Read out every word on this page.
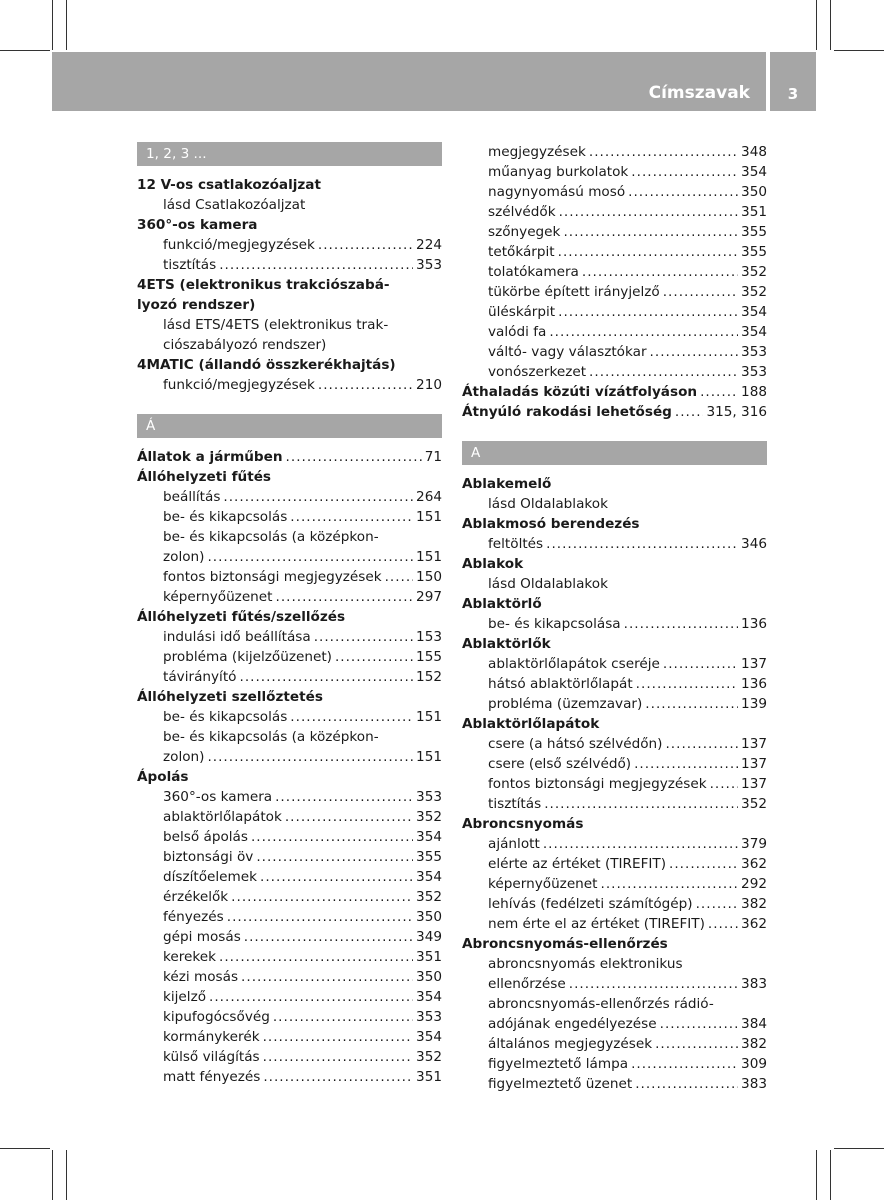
Címszavak	3
1, 2, 3 ...
12 V-os csatlakozóaljzat
lásd Csatlakozóaljzat
360°-os kamera
funkció/megjegyzések .....	224
tisztítás .....	353
4ETS (elektronikus trakciószabá-
lyozó rendszer)
lásd ETS/4ETS (elektronikus trak-
ciószabályozó rendszer)
4MATIC (állandó összkerékhajtás)
funkció/megjegyzések .....	210
Á
Állatok a járműben .....	71
Állóhelyzeti fűtés
beállítás .....	264
be- és kikapcsolás .....	151
be- és kikapcsolás (a középkon-
zolon) .....	151
fontos biztonsági megjegyzések .....	150
képernyőüzenet .....	297
Állóhelyzeti fűtés/szellőzés
indulási idő beállítása .....	153
probléma (kijelzőüzenet) .....	155
távirányító .....	152
Állóhelyzeti szellőztetés
be- és kikapcsolás .....	151
be- és kikapcsolás (a középkon-
zolon) .....	151
Ápolás
360°-os kamera .....	353
ablaktörlőlapátok .....	352
belső ápolás .....	354
biztonsági öv .....	355
díszítőelemek .....	354
érzékelők .....	352
fényezés .....	350
gépi mosás .....	349
kerekek .....	351
kézi mosás .....	350
kijelző .....	354
kipufogócsővég .....	353
kormánykerék .....	354
külső világítás .....	352
matt fényezés .....	351
megjegyzések .....	348
műanyag burkolatok .....	354
nagynyomású mosó .....	350
szélvédők .....	351
szőnyegek .....	355
tetőkárpit .....	355
tolatókamera .....	352
tükörbe épített irányjelző .....	352
üléskárpit .....	354
valódi fa .....	354
váltó- vagy választókar .....	353
vonószerkezet .....	353
Áthaladás közúti vízátfolyáson .....	188
Átnyúló rakodási lehetőség .....	315, 316
A
Ablakemelő
lásd Oldalablakok
Ablakmosó berendezés
feltöltés .....	346
Ablakok
lásd Oldalablakok
Ablaktörlő
be- és kikapcsolása .....	136
Ablaktörlők
ablaktörlőlapátok cseréje .....	137
hátsó ablaktörlőlapát .....	136
probléma (üzemzavar) .....	139
Ablaktörlőlapátok
csere (a hátsó szélvédőn) .....	137
csere (első szélvédő) .....	137
fontos biztonsági megjegyzések .....	137
tisztítás .....	352
Abroncsnyomás
ajánlott .....	379
elérte az értéket (TIREFIT) .....	362
képernyőüzenet .....	292
lehívás (fedélzeti számítógép) .....	382
nem érte el az értéket (TIREFIT) .....	362
Abroncsnyomás-ellenőrzés
abroncsnyomás elektronikus
ellenőrzése .....	383
abroncsnyomás-ellenőrzés rádió-
adójának engedélyezése .....	384
általános megjegyzések .....	382
figyelmeztető lámpa .....	309
figyelmeztető üzenet .....	383
